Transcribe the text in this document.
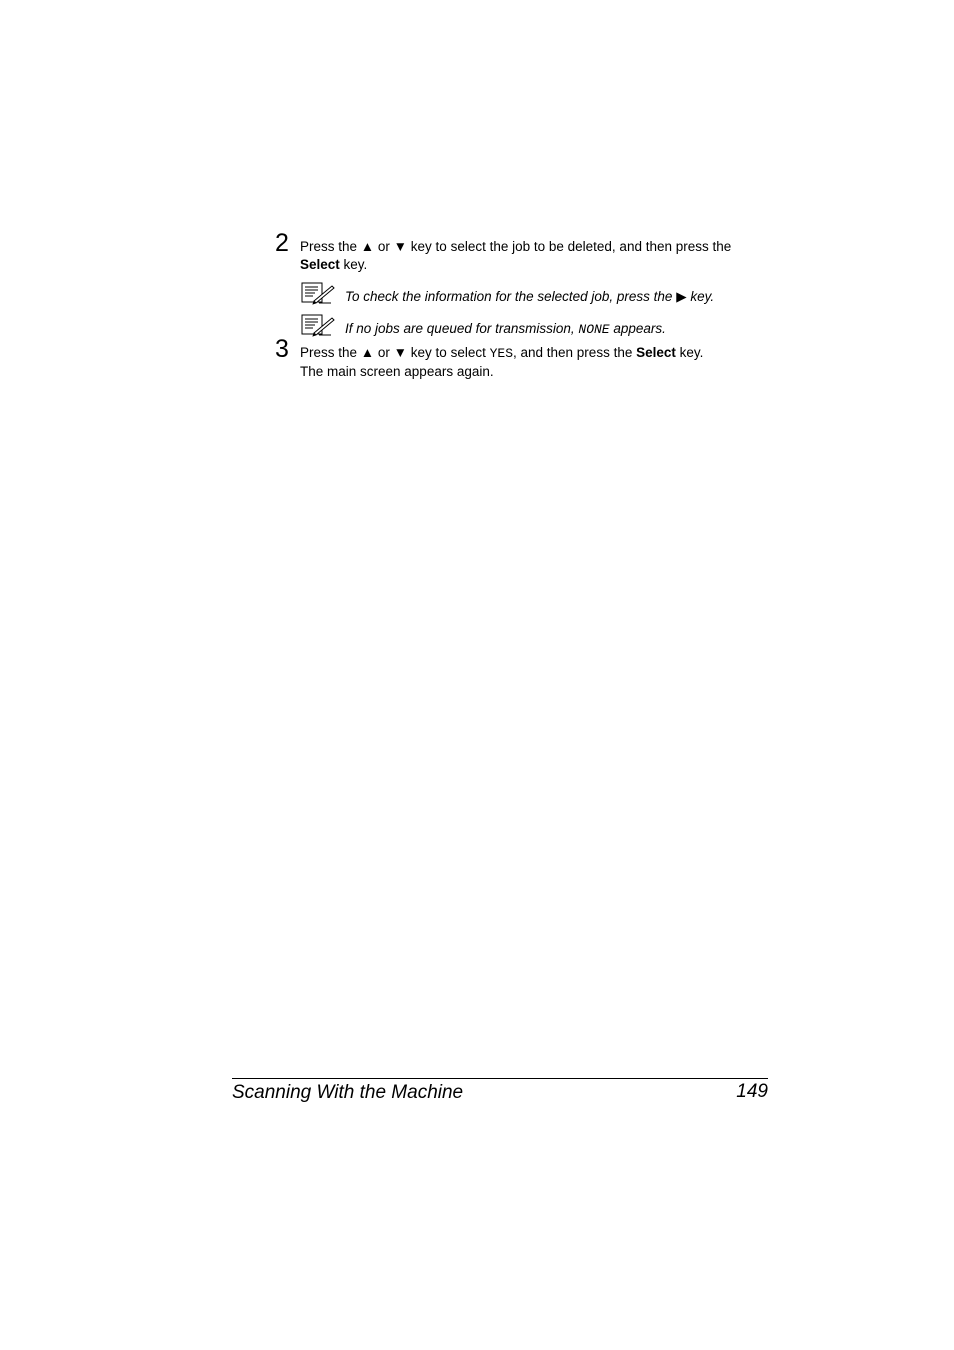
2 Press the ▲ or ▼ key to select the job to be deleted, and then press the
Select key.
To check the information for the selected job, press the ▶ key.
If no jobs are queued for transmission, NONE appears.
3 Press the ▲ or ▼ key to select YES, and then press the Select key.
The main screen appears again.
Scanning With the Machine	149
